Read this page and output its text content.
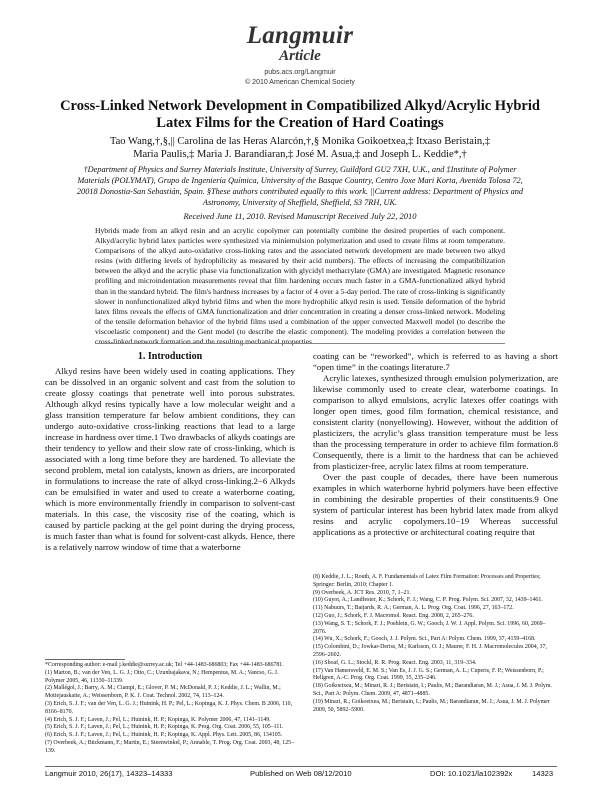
Langmuir
Article
pubs.acs.org/Langmuir
© 2010 American Chemical Society
Cross-Linked Network Development in Compatibilized Alkyd/Acrylic Hybrid Latex Films for the Creation of Hard Coatings
Tao Wang,†,§,|| Carolina de las Heras Alarcón,†,§ Monika Goikoetxea,‡ Itxaso Beristain,‡
Maria Paulis,‡ Maria J. Barandiaran,‡ José M. Asua,‡ and Joseph L. Keddie*,†
†Department of Physics and Surrey Materials Institute, University of Surrey, Guildford GU2 7XH, U.K., and ‡Institute of Polymer Materials (POLYMAT), Grupo de Ingeniería Química, University of the Basque Country, Centro Joxe Mari Korta, Avenida Tolosa 72, 20018 Donostia-San Sebastián, Spain. §These authors contributed equally to this work. ||Current address: Department of Physics and Astronomy, University of Sheffield, Sheffield, S3 7RH, UK.
Received June 11, 2010. Revised Manuscript Received July 22, 2010
Hybrids made from an alkyd resin and an acrylic copolymer can potentially combine the desired properties of each component. Alkyd/acrylic hybrid latex particles were synthesized via miniemulsion polymerization and used to create films at room temperature. Comparisons of the alkyd auto-oxidative cross-linking rates and the associated network development are made between two alkyd resins (with differing levels of hydrophilicity as measured by their acid numbers). The effects of increasing the compatibilization between the alkyd and the acrylic phase via functionalization with glycidyl methacrylate (GMA) are investigated. Magnetic resonance profiling and microindentation measurements reveal that film hardening occurs much faster in a GMA-functionalized alkyd hybrid than in the standard hybrid. The film's hardness increases by a factor of 4 over a 5-day period. The rate of cross-linking is significantly slower in nonfunctionalized alkyd hybrid films and when the more hydrophilic alkyd resin is used. Tensile deformation of the hybrid latex films reveals the effects of GMA functionalization and drier concentration in creating a denser cross-linked network. Modeling of the tensile deformation behavior of the hybrid films used a combination of the upper convected Maxwell model (to describe the viscoelastic component) and the Gent model (to describe the elastic component). The modeling provides a correlation between the cross-linked network formation and the resulting mechanical properties.
1. Introduction

Alkyd resins have been widely used in coating applications. They can be dissolved in an organic solvent and cast from the solution to create glossy coatings that penetrate well into porous substrates. Although alkyd resins typically have a low molecular weight and a glass transition temperature far below ambient conditions, they can undergo auto-oxidative cross-linking reactions that lead to a large increase in hardness over time.1 Two drawbacks of alkyds coatings are their tendency to yellow and their slow rate of cross-linking, which is associated with a long time before they are hardened. To alleviate the second problem, metal ion catalysts, known as driers, are incorporated in formulations to increase the rate of alkyd cross-linking.2−6 Alkyds can be emulsified in water and used to create a waterborne coating, which is more environmentally friendly in comparison to solvent-cast materials. In this case, the viscosity rise of the coating, which is caused by particle packing at the gel point during the drying process, is much faster than what is found for solvent-cast alkyds. Hence, there is a relatively narrow window of time that a waterborne

coating can be “reworked”, which is referred to as having a short “open time” in the coatings literature.7

Acrylic latexes, synthesized through emulsion polymerization, are likewise commonly used to create clear, waterborne coatings. In comparison to alkyd emulsions, acrylic latexes offer coatings with longer open times, good film formation, chemical resistance, and consistent clarity (nonyellowing). However, without the addition of plasticizers, the acrylic’s glass transition temperature must be less than the processing temperature in order to achieve film formation.8 Consequently, there is a limit to the hardness that can be achieved from plasticizer-free, acrylic latex films at room temperature.

Over the past couple of decades, there have been numerous examples in which waterborne hybrid polymers have been effective in combining the desirable properties of their constituents.9 One system of particular interest has been hybrid latex made from alkyd resins and acrylic copolymers.10−19 Whereas successful applications as a protective or architectural coating require that

*Corresponding author: e-mail j.keddie@surrey.ac.uk; Tel +44-1483-686803; Fax +44-1483-686781.

(1) Marton, B.; van der Ven, L. G. J.; Otto, C.; Uzunbajakava, N.; Hempenius, M. A.; Vancso, G. J. Polymer 2005, 46, 11330–11339.

(2) Mallégol, J.; Barry, A. M.; Ciampi, E.; Glover, P. M.; McDonald, P. J.; Keddie, J. L.; Wallin, M.; Motiejauskaite, A.; Weissenborn, P. K. J. Coat. Technol. 2002, 74, 113–124.

(3) Erich, S. J. F.; van der Ven, L. G. J.; Huinink, H. P.; Pel, L.; Kopinga, K. J. Phys. Chem. B 2006, 110, 8166–8170.

(4) Erich, S. J. F.; Laven, J.; Pel, L.; Huinink, H. P.; Kopinga, K. Polymer 2006, 47, 1141–1149.

(5) Erich, S. J. F.; Laven, J.; Pel, L.; Huinink, H. P.; Kopinga, K. Prog. Org. Coat. 2006, 55, 105–111.

(6) Erich, S. J. F.; Laven, J.; Pel, L.; Huinink, H. P.; Kopinga, K. Appl. Phys. Lett. 2005, 86, 134105.

(7) Overbeek, A.; Bückmann, F.; Martin, E.; Steenwinkel, P.; Annable, T. Prog. Org. Coat. 2003, 48, 125–139.

(8) Keddie, J. L.; Routh, A. F. Fundamentals of Latex Film Formation: Processes and Properties; Springer: Berlin, 2010; Chapter 1.

(9) Overbeek, A. JCT Res. 2010, 7, 1–21.

(10) Guyot, A.; Landfester, K.; Schork, F. J.; Wang, C. P. Prog. Polym. Sci. 2007, 32, 1439–1461.

(11) Nabuurs, T.; Baijards, R. A.; German, A. L. Prog. Org. Coat. 1996, 27, 163–172.

(12) Guo, J.; Schork, F. J. Macromol. React. Eng. 2008, 2, 265–276.

(13) Wang, S. T.; Schork, F. J.; Poehlein, G. W.; Gooch, J. W. J. Appl. Polym. Sci. 1996, 60, 2069–2076.

(14) Wu, X.; Schork, F.; Gooch, J. J. Polym. Sci., Part A: Polym. Chem. 1999, 37, 4159–4168.

(15) Colombini, D.; Jowkar-Deriss, M.; Karlsson, O. J.; Maurer, F. H. J. Macromolecules 2004, 37, 2596–2602.

(16) Shoaf, G. L.; Stockl, R. R. Prog. React. Eng. 2003, 11, 319–334.

(17) Van Hamersveld, E. M. S.; Van Es, J. J. G. S.; German, A. L.; Cuperis, F. P.; Weissenborn, P.; Hellgren, A.-C. Prog. Org. Coat. 1999, 35, 235–246.

(18) Goikoetxea, M.; Minari, R. J.; Beristain, I.; Paulis, M.; Barandiaran, M. J.; Asua, J. M. J. Polym. Sci., Part A: Polym. Chem. 2009, 47, 4871–4885.

(19) Minari, R.; Goikoetxea, M.; Beristain, I.; Paulis, M.; Barandiaran, M. J.; Asua, J. M. J. Polymer 2009, 50, 5892–5900.

Langmuir 2010, 26(17), 14323–14333	Published on Web 08/12/2010	DOI: 10.1021/la102392x	14323
